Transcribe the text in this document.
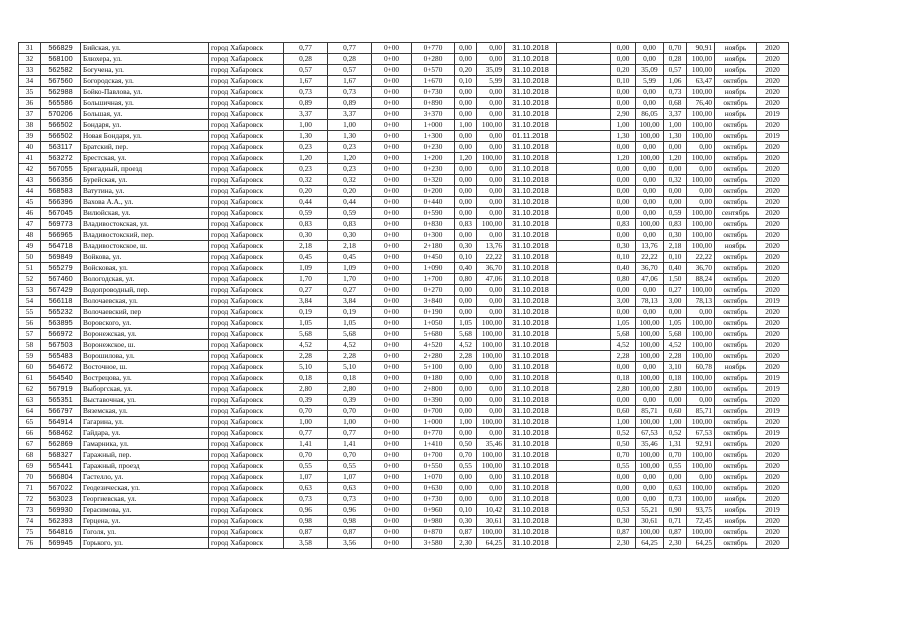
31	566829	Бийская, ул.	город Хабаровск	0,77	0,77	0+00	0+770	0,00	0,00	31.10.2018		0,00	0,00	0,70	90,91	ноябрь	2020
32	568100	Блюхера, ул.	город Хабаровск	0,28	0,28	0+00	0+280	0,00	0,00	31.10.2018		0,00	0,00	0,28	100,00	ноябрь	2020
33	562582	Богучена, ул.	город Хабаровск	0,57	0,57	0+00	0+570	0,20	35,09	31.10.2018		0,20	35,09	0,57	100,00	ноябрь	2020
34	567560	Богородская, ул.	город Хабаровск	1,67	1,67	0+00	1+670	0,10	5,99	31.10.2018		0,10	5,99	1,06	63,47	октябрь	2020
35	562988	Бойко-Павлова, ул.	город Хабаровск	0,73	0,73	0+00	0+730	0,00	0,00	31.10.2018		0,00	0,00	0,73	100,00	ноябрь	2020
36	565586	Большичная, ул.	город Хабаровск	0,89	0,89	0+00	0+890	0,00	0,00	31.10.2018		0,00	0,00	0,68	76,40	октябрь	2020
37	570206	Большая, ул.	город Хабаровск	3,37	3,37	0+00	3+370	0,00	0,00	31.10.2018		2,90	86,05	3,37	100,00	ноябрь	2019
38	566502	Бондаря, ул.	город Хабаровск	1,00	1,00	0+00	1+000	1,00	100,00	31.10.2018		1,00	100,00	1,00	100,00	октябрь	2020
39	566502	Новая Бондаря, ул.	город Хабаровск	1,30	1,30	0+00	1+300	0,00	0,00	01.11.2018		1,30	100,00	1,30	100,00	октябрь	2019
40	563117	Братский, пер.	город Хабаровск	0,23	0,23	0+00	0+230	0,00	0,00	31.10.2018		0,00	0,00	0,00	0,00	октябрь	2020
41	563272	Брестская, ул.	город Хабаровск	1,20	1,20	0+00	1+200	1,20	100,00	31.10.2018		1,20	100,00	1,20	100,00	октябрь	2020
42	567055	Бригадный, проезд	город Хабаровск	0,23	0,23	0+00	0+230	0,00	0,00	31.10.2018		0,00	0,00	0,00	0,00	октябрь	2020
43	566356	Бурейская, ул.	город Хабаровск	0,32	0,32	0+00	0+320	0,00	0,00	31.10.2018		0,00	0,00	0,32	100,00	октябрь	2020
44	568583	Ватутина, ул.	город Хабаровск	0,20	0,20	0+00	0+200	0,00	0,00	31.10.2018		0,00	0,00	0,00	0,00	октябрь	2020
45	566396	Вахова А.А., ул.	город Хабаровск	0,44	0,44	0+00	0+440	0,00	0,00	31.10.2018		0,00	0,00	0,00	0,00	октябрь	2020
46	567045	Вилюйская, ул.	город Хабаровск	0,59	0,59	0+00	0+590	0,00	0,00	31.10.2018		0,00	0,00	0,59	100,00	сентябрь	2020
47	569773	Владивостокская, ул.	город Хабаровск	0,83	0,83	0+00	0+830	0,83	100,00	31.10.2018		0,83	100,00	0,83	100,00	октябрь	2020
48	566965	Владивостокский, пер.	город Хабаровск	0,30	0,30	0+00	0+300	0,00	0,00	31.10.2018		0,00	0,00	0,30	100,00	октябрь	2020
49	564718	Владивостокское, ш.	город Хабаровск	2,18	2,18	0+00	2+180	0,30	13,76	31.10.2018		0,30	13,76	2,18	100,00	ноябрь	2020
50	569849	Войкова, ул.	город Хабаровск	0,45	0,45	0+00	0+450	0,10	22,22	31.10.2018		0,10	22,22	0,10	22,22	октябрь	2020
51	565279	Войсковая, ул.	город Хабаровск	1,09	1,09	0+00	1+090	0,40	36,70	31.10.2018		0,40	36,70	0,40	36,70	октябрь	2020
52	567460	Вологодская, ул.	город Хабаровск	1,70	1,70	0+00	1+700	0,80	47,06	31.10.2018		0,80	47,06	1,50	88,24	октябрь	2020
53	567429	Водопроводный, пер.	город Хабаровск	0,27	0,27	0+00	0+270	0,00	0,00	31.10.2018		0,00	0,00	0,27	100,00	октябрь	2020
54	566118	Волочаевская, ул.	город Хабаровск	3,84	3,84	0+00	3+840	0,00	0,00	31.10.2018		3,00	78,13	3,00	78,13	октябрь	2019
55	565232	Волочаевский, пер	город Хабаровск	0,19	0,19	0+00	0+190	0,00	0,00	31.10.2018		0,00	0,00	0,00	0,00	октябрь	2020
56	563895	Воровского, ул.	город Хабаровск	1,05	1,05	0+00	1+050	1,05	100,00	31.10.2018		1,05	100,00	1,05	100,00	октябрь	2020
57	566972	Воронежская, ул.	город Хабаровск	5,68	5,68	0+00	5+680	5,68	100,00	31.10.2018		5,68	100,00	5,68	100,00	октябрь	2020
58	567503	Воронежское, ш.	город Хабаровск	4,52	4,52	0+00	4+520	4,52	100,00	31.10.2018		4,52	100,00	4,52	100,00	октябрь	2020
59	565483	Ворошилова, ул.	город Хабаровск	2,28	2,28	0+00	2+280	2,28	100,00	31.10.2018		2,28	100,00	2,28	100,00	октябрь	2020
60	564672	Восточное, ш.	город Хабаровск	5,10	5,10	0+00	5+100	0,00	0,00	31.10.2018		0,00	0,00	3,10	60,78	ноябрь	2020
61	564540	Вострецова, ул.	город Хабаровск	0,18	0,18	0+00	0+180	0,00	0,00	31.10.2018		0,18	100,00	0,18	100,00	октябрь	2019
62	567919	Выборгская, ул.	город Хабаровск	2,80	2,80	0+00	2+800	0,00	0,00	31.10.2018		2,80	100,00	2,80	100,00	октябрь	2019
63	565351	Выставочная, ул.	город Хабаровск	0,39	0,39	0+00	0+390	0,00	0,00	31.10.2018		0,00	0,00	0,00	0,00	октябрь	2020
64	566797	Вяземская, ул.	город Хабаровск	0,70	0,70	0+00	0+700	0,00	0,00	31.10.2018		0,60	85,71	0,60	85,71	октябрь	2019
65	564914	Гагарина, ул.	город Хабаровск	1,00	1,00	0+00	1+000	1,00	100,00	31.10.2018		1,00	100,00	1,00	100,00	октябрь	2020
66	568462	Гайдара, ул.	город Хабаровск	0,77	0,77	0+00	0+770	0,00	0,00	31.10.2018		0,52	67,53	0,52	67,53	октябрь	2019
67	562869	Гамарника, ул.	город Хабаровск	1,41	1,41	0+00	1+410	0,50	35,46	31.10.2018		0,50	35,46	1,31	92,91	октябрь	2020
68	568327	Гаражный, пер.	город Хабаровск	0,70	0,70	0+00	0+700	0,70	100,00	31.10.2018		0,70	100,00	0,70	100,00	октябрь	2020
69	565441	Гаражный, проезд	город Хабаровск	0,55	0,55	0+00	0+550	0,55	100,00	31.10.2018		0,55	100,00	0,55	100,00	октябрь	2020
70	566804	Гастелло, ул.	город Хабаровск	1,07	1,07	0+00	1+070	0,00	0,00	31.10.2018		0,00	0,00	0,00	0,00	октябрь	2020
71	567022	Геодезическая, ул.	город Хабаровск	0,63	0,63	0+00	0+630	0,00	0,00	31.10.2018		0,00	0,00	0,63	100,00	октябрь	2020
72	563023	Георгиевская, ул.	город Хабаровск	0,73	0,73	0+00	0+730	0,00	0,00	31.10.2018		0,00	0,00	0,73	100,00	ноябрь	2020
73	569930	Герасимова, ул.	город Хабаровск	0,96	0,96	0+00	0+960	0,10	10,42	31.10.2018		0,53	55,21	0,90	93,75	ноябрь	2019
74	562393	Герцена, ул.	город Хабаровск	0,98	0,98	0+00	0+980	0,30	30,61	31.10.2018		0,30	30,61	0,71	72,45	ноябрь	2020
75	564816	Гоголя, ул.	город Хабаровск	0,87	0,87	0+00	0+870	0,87	100,00	31.10.2018		0,87	100,00	0,87	100,00	октябрь	2020
76	569945	Горького, ул.	город Хабаровск	3,58	3,56	0+00	3+580	2,30	64,25	31.10.2018		2,30	64,25	2,30	64,25	октябрь	2020
